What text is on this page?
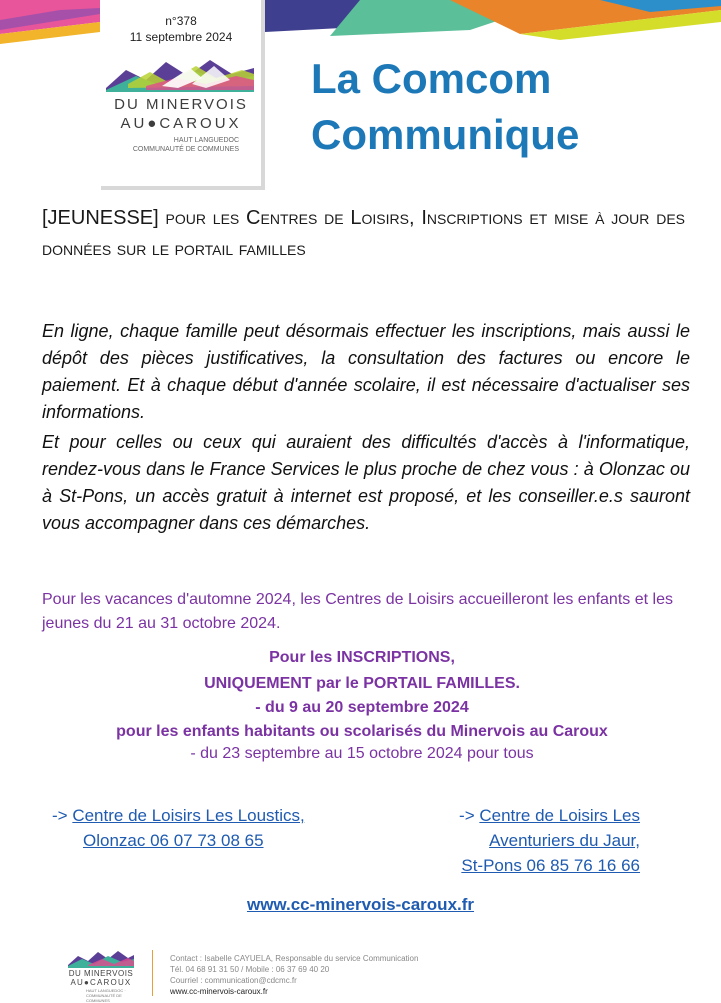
n°378
11 septembre 2024
DU MINERVOIS
AU●CAROUX
HAUT LANGUEDOC
COMMUNAUTÉ DE COMMUNES
La Comcom
Communique
[JEUNESSE] pour les Centres de Loisirs, Inscriptions et mise à jour des données sur le portail familles
En ligne, chaque famille peut désormais effectuer les inscriptions, mais aussi le dépôt des pièces justificatives, la consultation des factures ou encore le paiement. Et à chaque début d'année scolaire, il est nécessaire d'actualiser ses informations.
Et pour celles ou ceux qui auraient des difficultés d'accès à l'informatique, rendez-vous dans le France Services le plus proche de chez vous : à Olonzac ou à St-Pons, un accès gratuit à internet est proposé, et les conseiller.e.s sauront vous accompagner dans ces démarches.
Pour les vacances d'automne 2024, les Centres de Loisirs accueilleront les enfants et les jeunes du 21 au 31 octobre 2024.
Pour les INSCRIPTIONS,
UNIQUEMENT par le PORTAIL FAMILLES.
- du 9 au 20 septembre 2024
pour les enfants habitants ou scolarisés du Minervois au Caroux
- du 23 septembre au 15 octobre 2024 pour tous
-> Centre de Loisirs Les Loustics,
Olonzac 06 07 73 08 65
-> Centre de Loisirs Les
Aventuriers du Jaur,
St-Pons 06 85 76 16 66
www.cc-minervois-caroux.fr
DU MINERVOIS
AU●CAROUX
HAUT LANGUEDOC · COMMUNAUTÉ DE COMMUNES
Contact : Isabelle CAYUELA, Responsable du service Communication
Tél. 04 68 91 31 50 / Mobile : 06 37 69 40 20
Courriel : communication@cdcmc.fr
www.cc-minervois-caroux.fr
